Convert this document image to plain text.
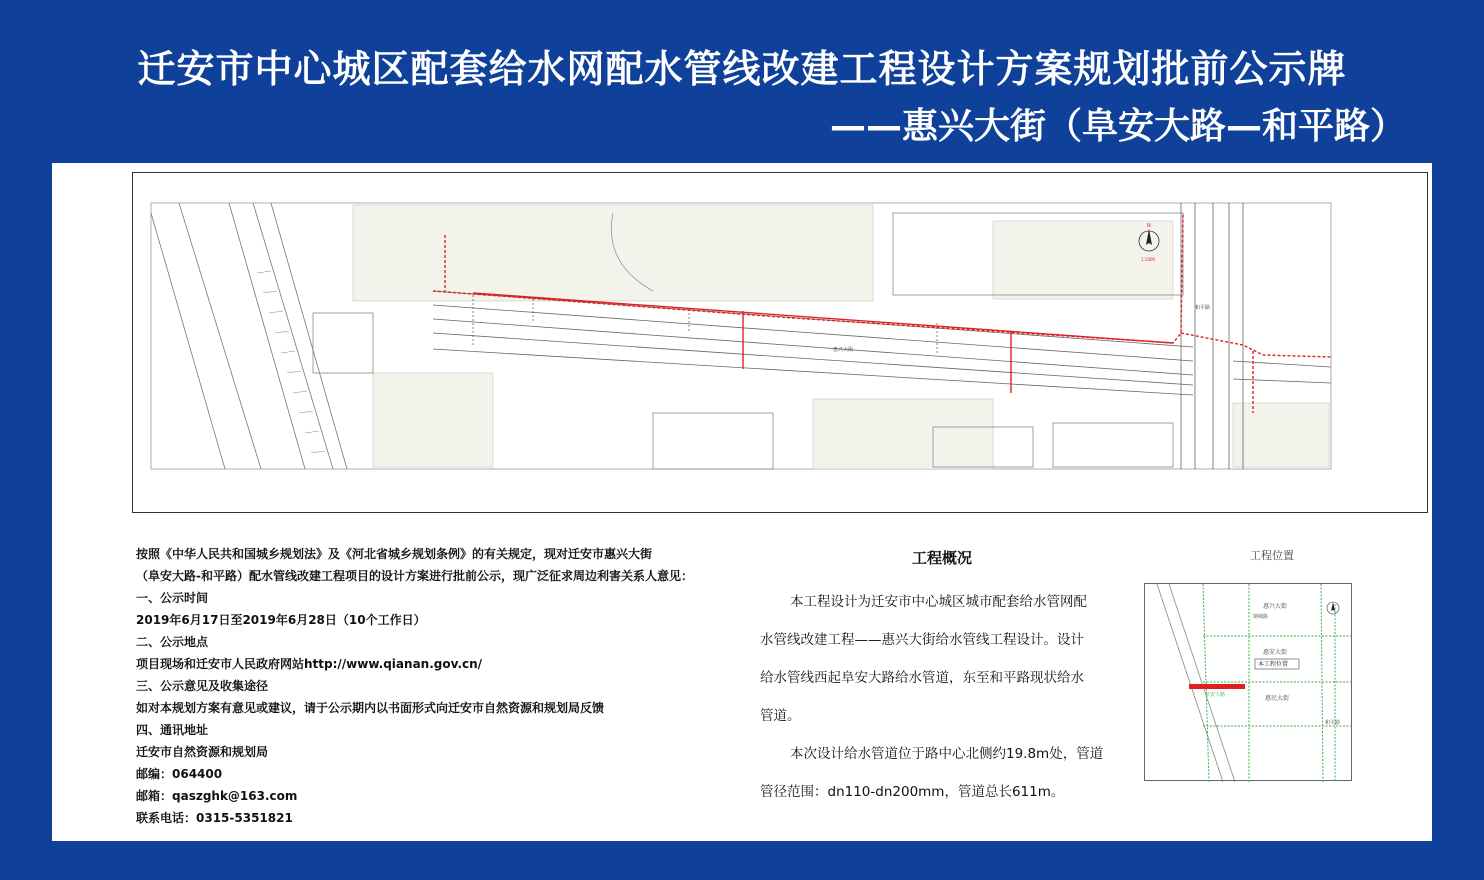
迁安市中心城区配套给水网配水管线改建工程设计方案规划批前公示牌
——惠兴大街（阜安大路—和平路）
惠兴大街
和平路
N
1:1000
按照《中华人民共和国城乡规划法》及《河北省城乡规划条例》的有关规定，现对迁安市惠兴大街
（阜安大路-和平路）配水管线改建工程项目的设计方案进行批前公示，现广泛征求周边利害关系人意见：
一、公示时间
2019年6月17日至2019年6月28日（10个工作日）
二、公示地点
项目现场和迁安市人民政府网站http://www.qianan.gov.cn/
三、公示意见及收集途径
如对本规划方案有意见或建议，请于公示期内以书面形式向迁安市自然资源和规划局反馈
四、通讯地址
迁安市自然资源和规划局
邮编：064400
邮箱：qaszghk@163.com
联系电话：0315-5351821
工程概况

本工程设计为迁安市中心城区城市配套给水管网配

水管线改建工程——惠兴大街给水管线工程设计。设计

给水管线西起阜安大路给水管道，东至和平路现状给水

管道。

本次设计给水管道位于路中心北侧约19.8m处，管道

管径范围：dn110-dn200mm，管道总长611m。

工程位置
本工程位置
阜安大路
惠兴大街
惠安大街
惠民大街
钢城路
和平路
